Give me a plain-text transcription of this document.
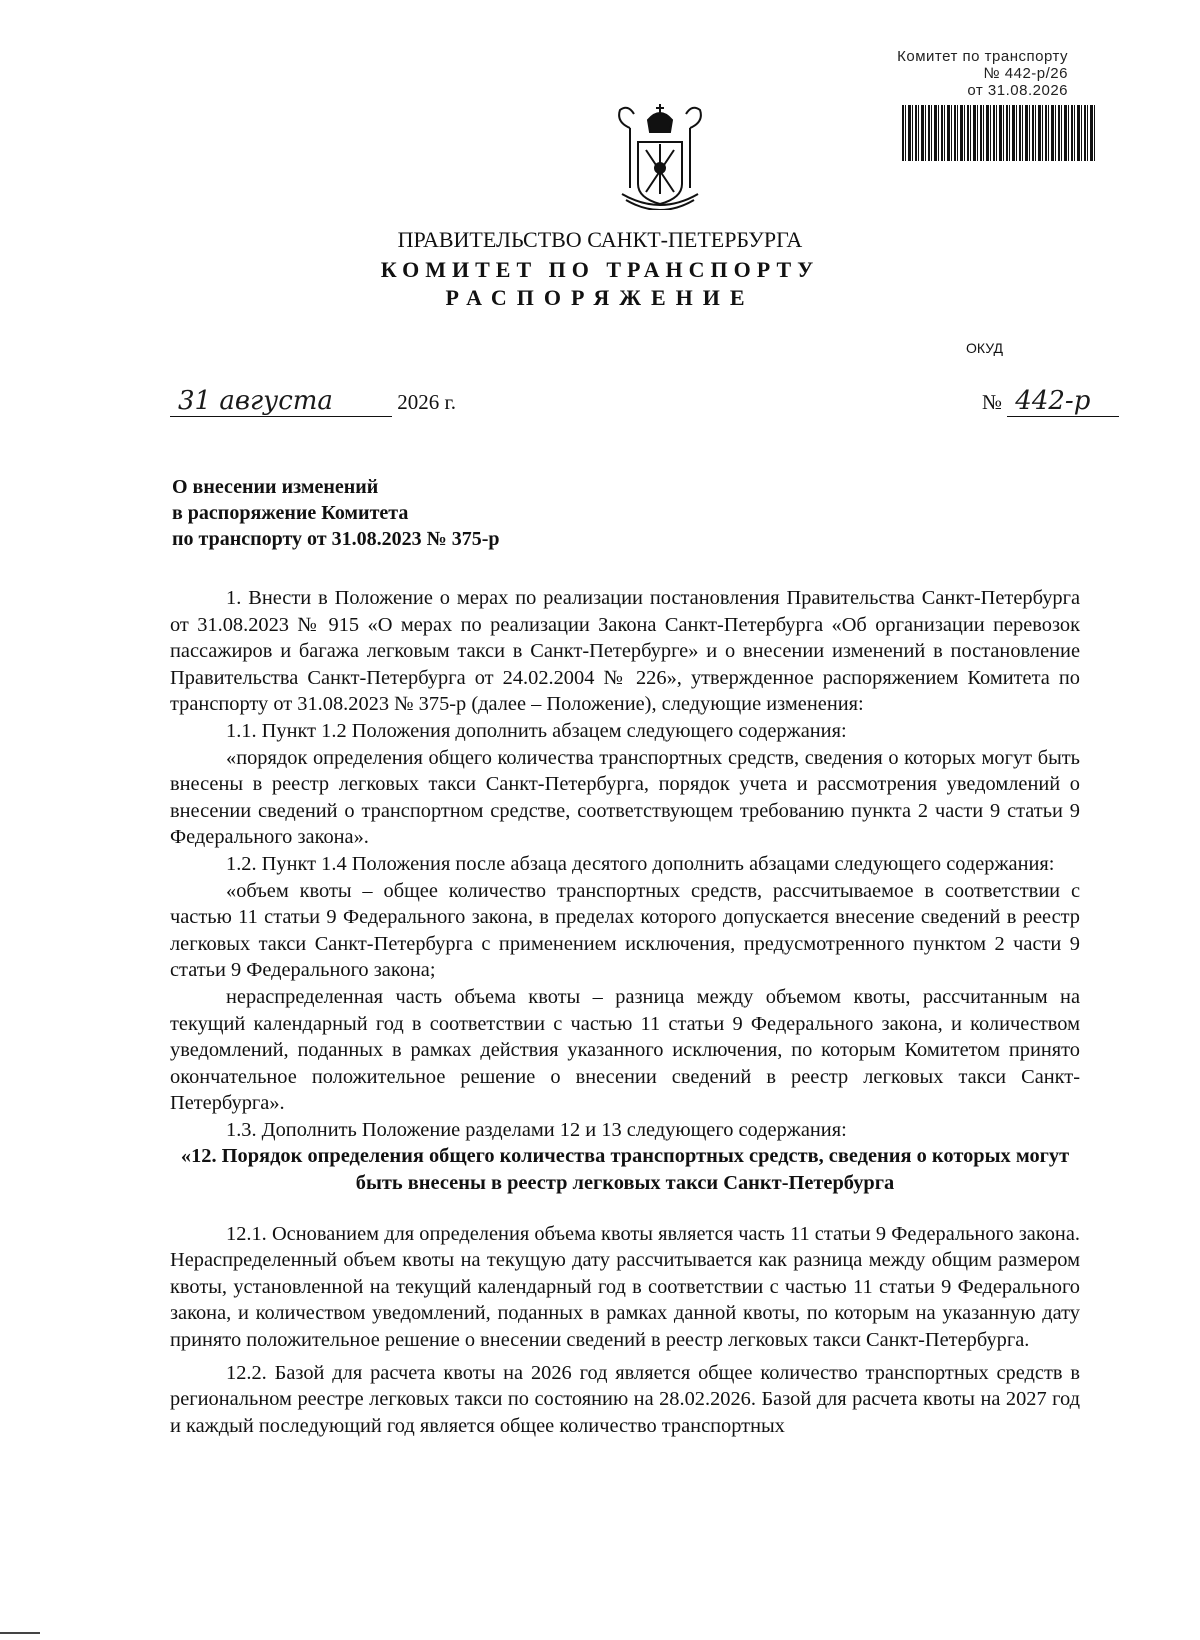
Комитет по транспорту
№ 442-р/26
от 31.08.2026
ПРАВИТЕЛЬСТВО САНКТ-ПЕТЕРБУРГА
КОМИТЕТ ПО ТРАНСПОРТУ
РАСПОРЯЖЕНИЕ
ОКУД
31 августа	2026 г.	№ 442-р
О внесении изменений
в распоряжение Комитета
по транспорту от 31.08.2023 № 375-р

1. Внести в Положение о мерах по реализации постановления Правительства Санкт-Петербурга от 31.08.2023 № 915 «О мерах по реализации Закона Санкт-Петербурга «Об организации перевозок пассажиров и багажа легковым такси в Санкт-Петербурге» и о внесении изменений в постановление Правительства Санкт-Петербурга от 24.02.2004 № 226», утвержденное распоряжением Комитета по транспорту от 31.08.2023 № 375-р (далее – Положение), следующие изменения:

1.1. Пункт 1.2 Положения дополнить абзацем следующего содержания:

«порядок определения общего количества транспортных средств, сведения о которых могут быть внесены в реестр легковых такси Санкт-Петербурга, порядок учета и рассмотрения уведомлений о внесении сведений о транспортном средстве, соответствующем требованию пункта 2 части 9 статьи 9 Федерального закона».

1.2. Пункт 1.4 Положения после абзаца десятого дополнить абзацами следующего содержания:

«объем квоты – общее количество транспортных средств, рассчитываемое в соответствии с частью 11 статьи 9 Федерального закона, в пределах которого допускается внесение сведений в реестр легковых такси Санкт-Петербурга с применением исключения, предусмотренного пунктом 2 части 9 статьи 9 Федерального закона;

нераспределенная часть объема квоты – разница между объемом квоты, рассчитанным на текущий календарный год в соответствии с частью 11 статьи 9 Федерального закона, и количеством уведомлений, поданных в рамках действия указанного исключения, по которым Комитетом принято окончательное положительное решение о внесении сведений в реестр легковых такси Санкт-Петербурга».

1.3. Дополнить Положение разделами 12 и 13 следующего содержания:

«12. Порядок определения общего количества транспортных средств, сведения о которых могут быть внесены в реестр легковых такси Санкт-Петербурга

12.1. Основанием для определения объема квоты является часть 11 статьи 9 Федерального закона. Нераспределенный объем квоты на текущую дату рассчитывается как разница между общим размером квоты, установленной на текущий календарный год в соответствии с частью 11 статьи 9 Федерального закона, и количеством уведомлений, поданных в рамках данной квоты, по которым на указанную дату принято положительное решение о внесении сведений в реестр легковых такси Санкт-Петербурга.

12.2. Базой для расчета квоты на 2026 год является общее количество транспортных средств в региональном реестре легковых такси по состоянию на 28.02.2026. Базой для расчета квоты на 2027 год и каждый последующий год является общее количество транспортных
